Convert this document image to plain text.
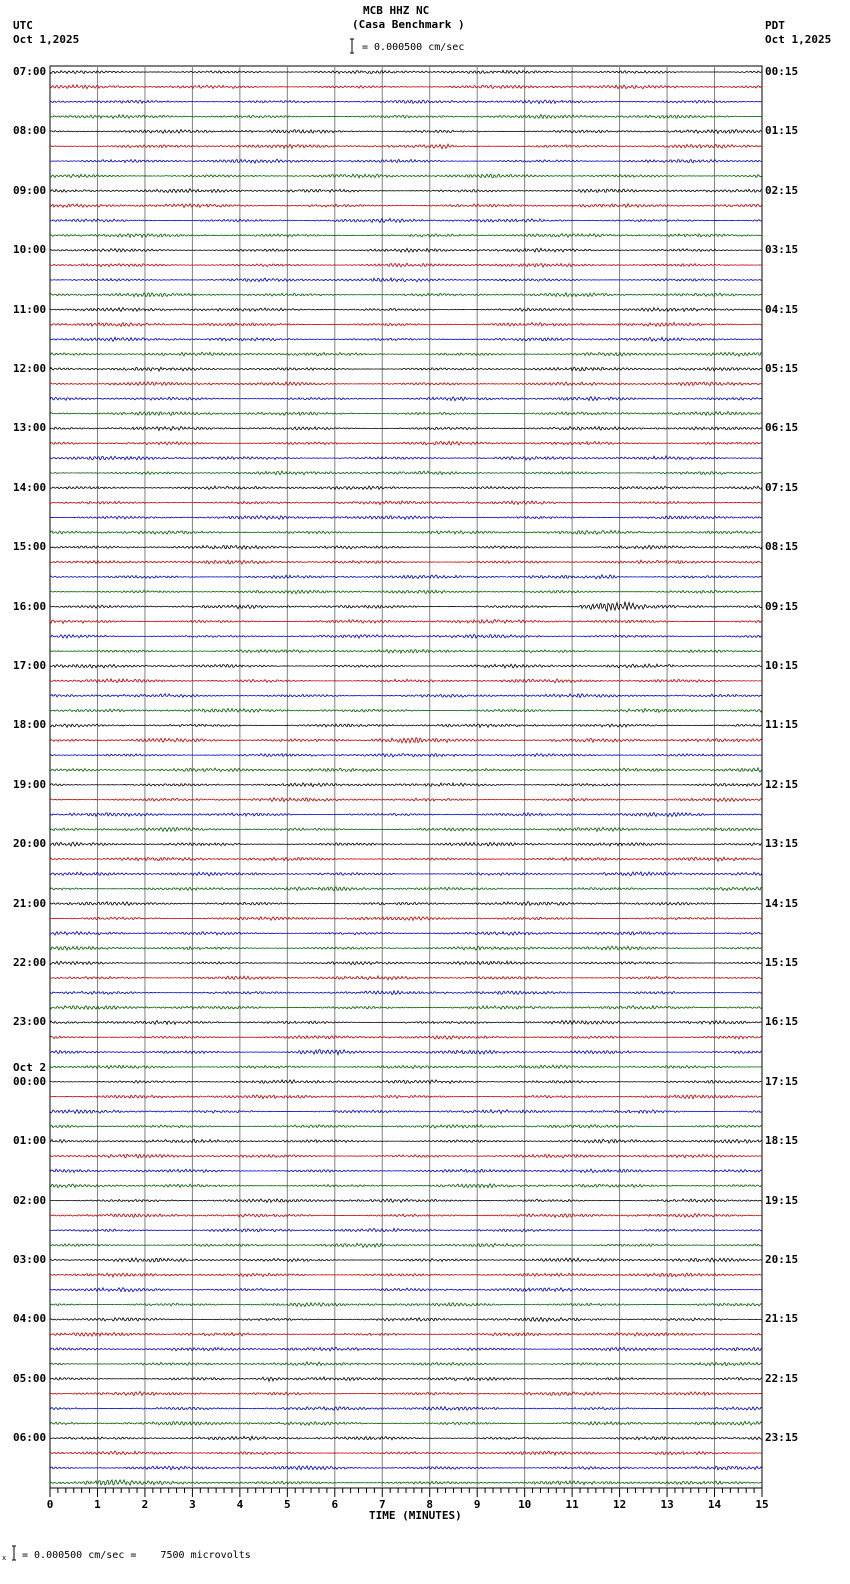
MCB HHZ NC
(Casa Benchmark )
= 0.000500 cm/sec
UTC
Oct 1,2025
PDT
Oct 1,2025
07:00
08:00
09:00
10:00
11:00
12:00
13:00
14:00
15:00
16:00
17:00
18:00
19:00
20:00
21:00
22:00
23:00
Oct 2
00:00
01:00
02:00
03:00
04:00
05:00
06:00
00:15
01:15
02:15
03:15
04:15
05:15
06:15
07:15
08:15
09:15
10:15
11:15
12:15
13:15
14:15
15:15
16:15
17:15
18:15
19:15
20:15
21:15
22:15
23:15
0	1	2	3	4	5	6	7	8	9	10	11	12	13	14	15
TIME (MINUTES)
x = 0.000500 cm/sec =    7500 microvolts
